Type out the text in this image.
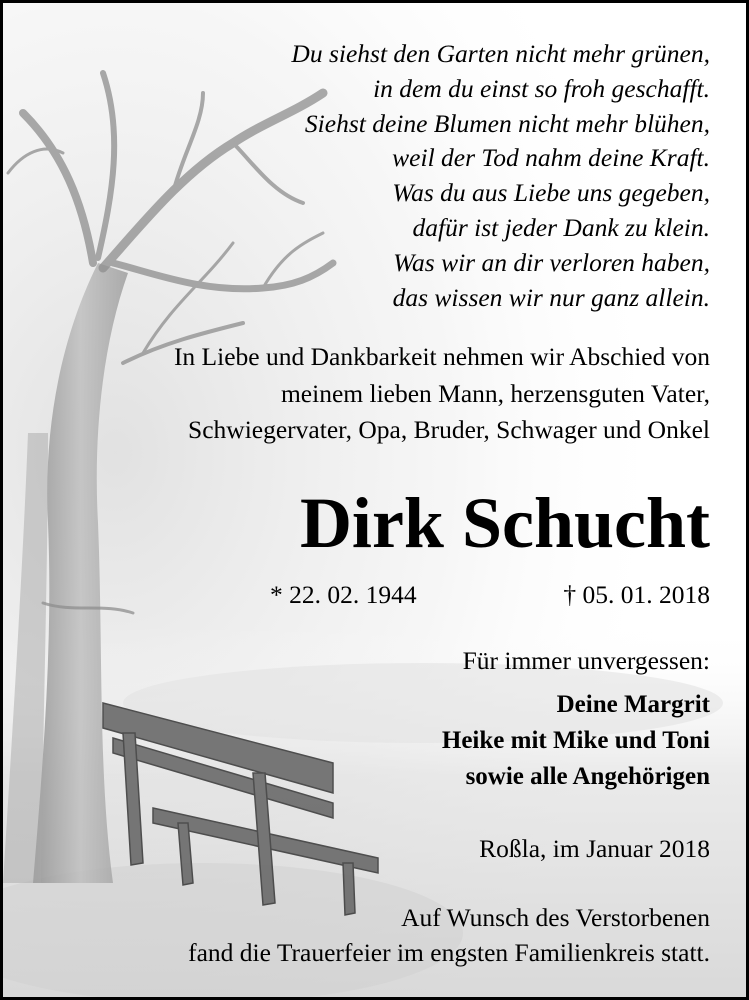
Du siehst den Garten nicht mehr grünen,
in dem du einst so froh geschafft.
Siehst deine Blumen nicht mehr blühen,
weil der Tod nahm deine Kraft.
Was du aus Liebe uns gegeben,
dafür ist jeder Dank zu klein.
Was wir an dir verloren haben,
das wissen wir nur ganz allein.
In Liebe und Dankbarkeit nehmen wir Abschied von
meinem lieben Mann, herzensguten Vater,
Schwiegervater, Opa, Bruder, Schwager und Onkel
Dirk Schucht
* 22. 02. 1944	† 05. 01. 2018
Für immer unvergessen:
Deine Margrit
Heike mit Mike und Toni
sowie alle Angehörigen
Roßla, im Januar 2018
Auf Wunsch des Verstorbenen
fand die Trauerfeier im engsten Familienkreis statt.
